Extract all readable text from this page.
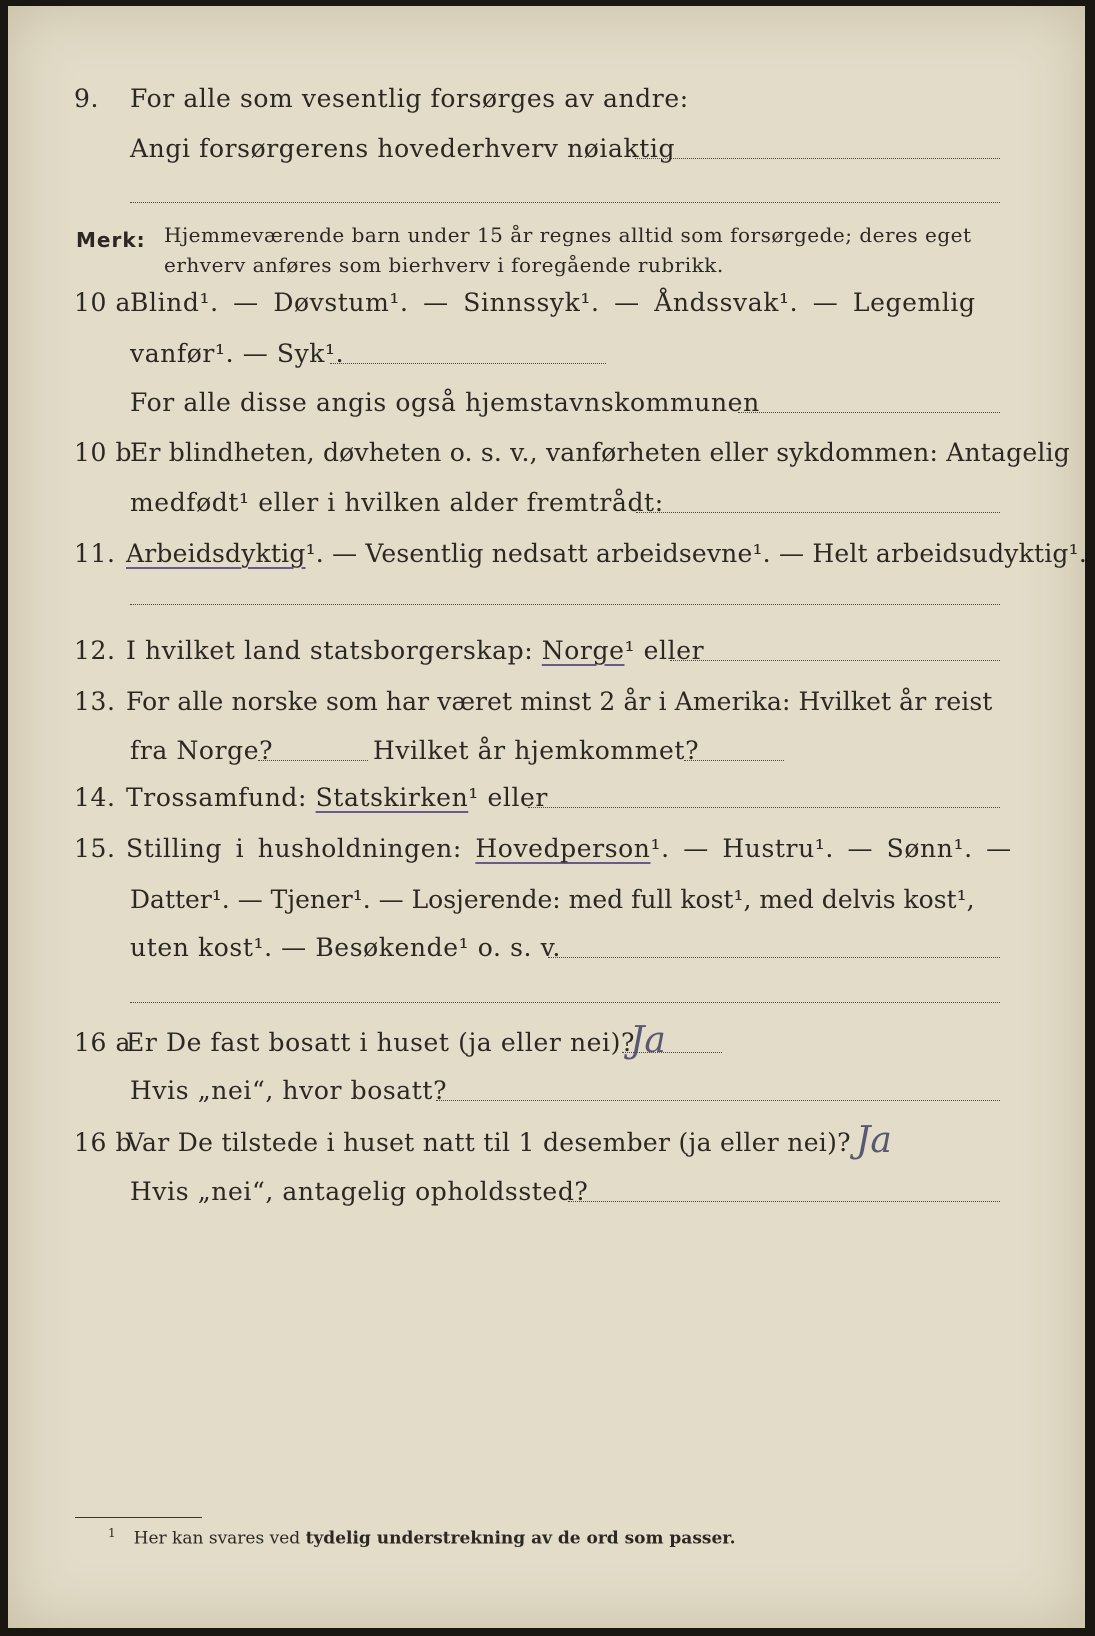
9. For alle som vesentlig forsørges av andre:
Angi forsørgerens hovederhverv nøiaktig
Merk: Hjemmeværende barn under 15 år regnes alltid som forsørgede; deres eget erhverv anføres som bierhverv i foregående rubrikk.
10 a
Blind¹. — Døvstum¹. — Sinnssyk¹. — Åndssvak¹. — Legemlig
vanfør¹. — Syk¹.
For alle disse angis også hjemstavnskommunen
10 b
Er blindheten, døvheten o. s. v., vanførheten eller sykdommen: Antagelig
medfødt¹ eller i hvilken alder fremtrådt:
11. Arbeidsdyktig¹. — Vesentlig nedsatt arbeidsevne¹. — Helt arbeidsudyktig¹.
12. I hvilket land statsborgerskap: Norge¹ eller
13. For alle norske som har været minst 2 år i Amerika: Hvilket år reist
fra Norge?	Hvilket år hjemkommet?
14. Trossamfund: Statskirken¹ eller
15. Stilling i husholdningen: Hovedperson¹. — Hustru¹. — Sønn¹. —
Datter¹. — Tjener¹. — Losjerende: med full kost¹, med delvis kost¹,
uten kost¹. — Besøkende¹ o. s. v.
16 a
Er De fast bosatt i huset (ja eller nei)?
Ja
Hvis „nei“, hvor bosatt?
16 b
Var De tilstede i huset natt til 1 desember (ja eller nei)? Ja
Hvis „nei“, antagelig opholdssted?
$^1$ Her kan svares ved tydelig understrekning av de ord som passer.
